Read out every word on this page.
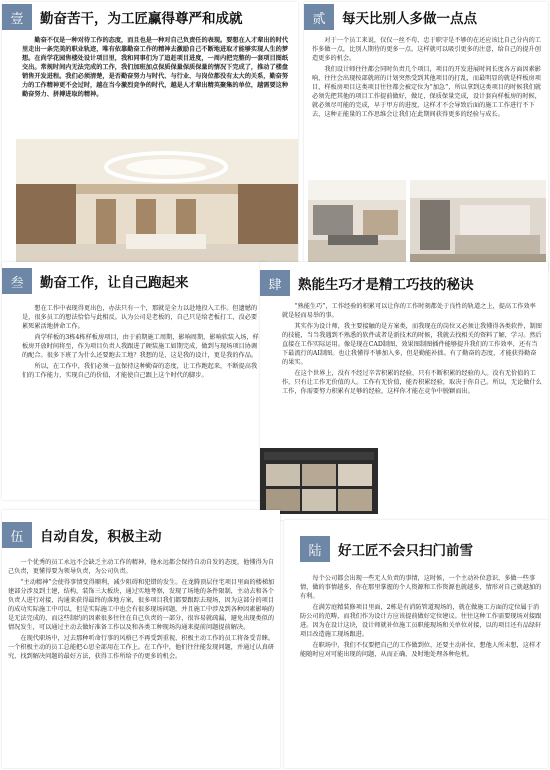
壹	勤奋苦干，为工匠赢得尊严和成就

勤奋不仅是一种对待工作的态度，而且也是一种对自己负责任的表现。要想在人才辈出的时代里走出一条完美的职业轨迹，唯有依靠勤奋工作的精神去激励自己不断地进取才能够实现人生的梦想。在尚学花园售楼处设计项目里，我和同事们为了追赶项目进度，一周内把完整的一套项目图纸交出。常规时间内无法完成的工作，我们加班加点保质保量保质保量的情况下完成了，推动了楼盘销售开发进程。我们必须清楚，是否勤奋努力与时代、与行业、与岗位都没有太大的关系，勤奋努力的工作精神更不会过时，越在当今激烈竞争的时代，越是人才辈出精英聚集的单位，越需要这种勤奋努力、拼搏进取的精神。

贰	每天比别人多做一点点

对于一个员工来说，仅仅一丝不苟、忠于职守是不够的在还应该比自己分内的工作多做一点，比别人期待的更多一点。这样就可以吸引更多的注意，给自己的提升创造更多的机会。

我们设计师往往都会同时负责几个项目，项目的开发进展时间长度各方面因素影响，往往会出现按部就班的计划突然受到其他项目的打乱，而最明显的就是样板房项目，样板房项目这类项目往往都会被定位为“加急”，所以拿到这类项目的时候我们就必须先把其他的项目工作提前做好，做足，保质保量完成，设计套向样板房的时候，就必须尽可能的完成，早于甲方的进度，这样才不会导致后面的施工工作进行不下去，这种正能量的工作思维会让我们在此期间获得更多的经验与成长。

叁	勤奋工作，让自己跑起来

想在工作中表现得更出色，办法只有一个，那就是全力以赴地投入工作。但遗憾的是，很多员工的想法恰恰与此相反。认为公司是老板的，自己只是给老板打工，没必要累死累活地拼命工作。

尚学样板的3栋4栋样板房项目，由于前期施工周期，影响周期，影响软装入场，样板房开放时间将至，作为项目负责人我跟进了硬装施工如期完成，做到与现场项目协调的配合。很多下班了为什么还要跑去工地？我想的是，这是我的设计，更是我的作品。

所以，在工作中，我们必须一直保持这种勤奋的态度，让工作跑起来，不断提高我们的工作能力，实现自己的价值，才能使自己跟上这个时代的脚步。

肆	熟能生巧才是精工巧技的秘诀

“熟能生巧”，工作经验的积累可以让你的工作时刻都处于良性的轨道之上，提高工作效率就是轻而易举的事。

其实作为设计师，我主要接触的是方案类，而我现在的岗位又必须让我懂得各类软件，制图的技能，当当我遇到不熟悉的软件或者是新技术的时候，我就去找相关的资料了解，学习。然后直接在工作实际运用。像是现在CAD制图，效果图制图插件能够提升我们的工作效率，还有当下最流行的AI制图。也让我懂得不够加入多，但是勤能补拙。有了勤奋的态度，才能获得勤奋的果实。

在这个世界上，没有不经过辛苦积累的经验，只有不断积累的经验的人。没有无价值的工作，只有让工作无价值的人。工作有无价值，能否积累经验，取决于你自己。所以，无论做什么工作，你需要努力积累有足够的经验，这样你才能在竞争中脱颖而出。

伍	自动自发，积极主动

一个优秀的员工永远不会缺乏主动工作的精神，他永远都会保持自动自发的态度，他懂得为自己负责，更懂得要为领导负责，为公司负责。

“主动精神”会使得事情变得顺利，减少阻碍和犯错的发生。在龙腾顶层住宅项目里面的楼梯加建部分涉及到土建，结构，装饰三大板块，通过实地考察，发现了场地的条件限制，主动去和各个负责人进行对接，沟通来获得最终的落地方案，很多项目我们都要跟踪去现场，因为这部分的项目的成功实际施工中可以，但是实际施工中也会有很多现场问题，并且施工中涉及到各种因素影响的是无法完成的，而这些制约的因素很多往往在自己负责的一部分，很容易就疏漏，避免出现类似的情况发生，可以通过主动去做好准备工作以及和各类工种现场沟通来提前问题提前解决。

在现代职场中，过去那种听命行事的风格已不再受到重视，积极主动工作的员工将备受青睐。一个积极主动的员工总能把心思全部用在工作上。在工作中，他们往往能发现问题，并通过认真研究，找到解决问题的最好方法，获得工作所给予的更多的机会。

陆	好工匠不会只扫门前雪

每个公司都会出现一些无人负责的事情，这时候，一个主动补位意识，多做一些事情，做的事情越多，你在那里掌握的个人资源和工作资源也就越多，情形对自己就越加的有利。

在满芳庭精装修项目里面，2栋是有消防管道现场的，就在做施工方面的定位属于消防公司的范畴，而我们作为设计方应该提前做好定位建议。往往这种工作需要现场对接跟进。因为在设计这块，设计师就补位施工员职能现场和关单位对接，以的项目还有品绿轩项目改造施工现场跟进。

在职场中，我们不仅要把自己的工作做到位，还要主动补位，想他人所未想，这样才能随时应对可能出现的问题，从而正确、及时地处理各种危机。
